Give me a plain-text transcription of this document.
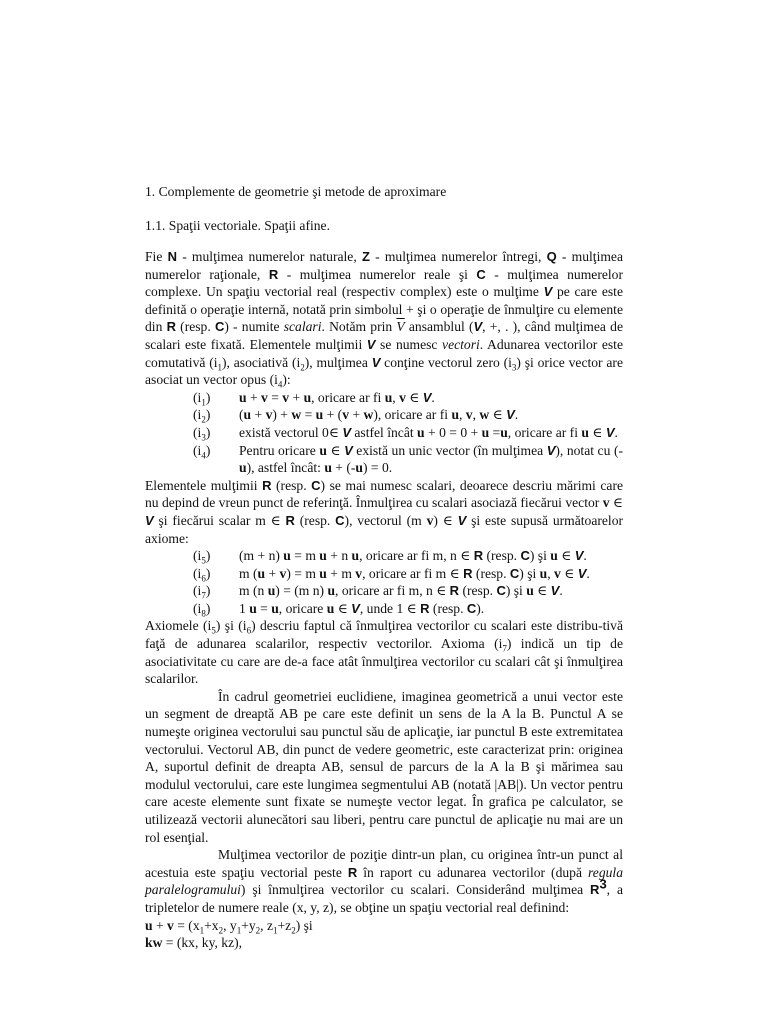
1. Complemente de geometrie şi metode de aproximare
1.1. Spaţii vectoriale. Spaţii afine.

Fie N - mulţimea numerelor naturale, Z - mulţimea numerelor întregi, Q - mulţimea numerelor raţionale, R - mulţimea numerelor reale şi C - mulţimea numerelor complexe. Un spaţiu vectorial real (respectiv complex) este o mulţime V pe care este definită o operaţie internă, notată prin simbolul + şi o operaţie de înmulţire cu elemente din R (resp. C) - numite scalari. Notăm prin $\overline{V}$ ansamblul (V, +, . ), când mulţimea de scalari este fixată. Elementele mulţimii V se numesc vectori. Adunarea vectorilor este comutativă $(i_1)$, asociativă $(i_2)$, mulţimea V conţine vectorul zero $(i_3)$ şi orice vector are asociat un vector opus $(i_4)$:

$(i_1) u + v = v + u$, oricare ar fi u, v ∈ V.

$(i_2) (u + v) + w = u + (v + w)$, oricare ar fi u, v, w ∈ V.

$(i_3)$ există vectorul 0∈ V astfel încât u + 0 = 0 + u =u, oricare ar fi u ∈ V.

$(i_4)$ Pentru oricare u ∈ V există un unic vector (în mulţimea V), notat cu (-u), astfel încât: u + (-u) = 0.

Elementele mulţimii R (resp. C) se mai numesc scalari, deoarece descriu mărimi care nu depind de vreun punct de referinţă. Înmulţirea cu scalari asociază fiecărui vector v ∈ V şi fiecărui scalar m ∈ R (resp. C), vectorul (m v) ∈ V şi este supusă următoarelor axiome:

$(i_5) (m + n) u = m$ u + n u, oricare ar fi m, n ∈ R (resp. C) şi u ∈ V.

$(i_6)$ m (u + v) = m u + m v, oricare ar fi m ∈ R (resp. C) şi u, v ∈ V.

$(i_7)$ m (n u) = (m n) u, oricare ar fi m, n ∈ R (resp. C) şi u ∈ V.

$(i_8)$ 1 u = u, oricare u ∈ V, unde 1 ∈ R (resp. C).

Axiomele $(i_5)$ şi $(i_6)$ descriu faptul că înmulţirea vectorilor cu scalari este distribu-tivă faţă de adunarea scalarilor, respectiv vectorilor. Axioma $(i_7)$ indică un tip de asociativitate cu care are de-a face atât înmulţirea vectorilor cu scalari cât şi înmulţirea scalarilor.

În cadrul geometriei euclidiene, imaginea geometrică a unui vector este un segment de dreaptă AB pe care este definit un sens de la A la B. Punctul A se numeşte originea vectorului sau punctul său de aplicaţie, iar punctul B este extremitatea vectorului. Vectorul AB, din punct de vedere geometric, este caracterizat prin: originea A, suportul definit de dreapta AB, sensul de parcurs de la A la B şi mărimea sau modulul vectorului, care este lungimea segmentului AB (notată |AB|). Un vector pentru care aceste elemente sunt fixate se numeşte vector legat. În grafica pe calculator, se utilizează vectorii alunecători sau liberi, pentru care punctul de aplicaţie nu mai are un rol esenţial.

Mulţimea vectorilor de poziţie dintr-un plan, cu originea într-un punct al acestuia este spaţiu vectorial peste R în raport cu adunarea vectorilor (după regula paralelogramului) şi înmulţirea vectorilor cu scalari. Considerând mulţimea $R^3$, a tripletelor de numere reale (x, y, z), se obţine un spaţiu vectorial real definind:

$u + v = (x_1+x_2$, $y_1+y_2$, $z_1+z_2$) şi

kw = (kx, ky, kz),
